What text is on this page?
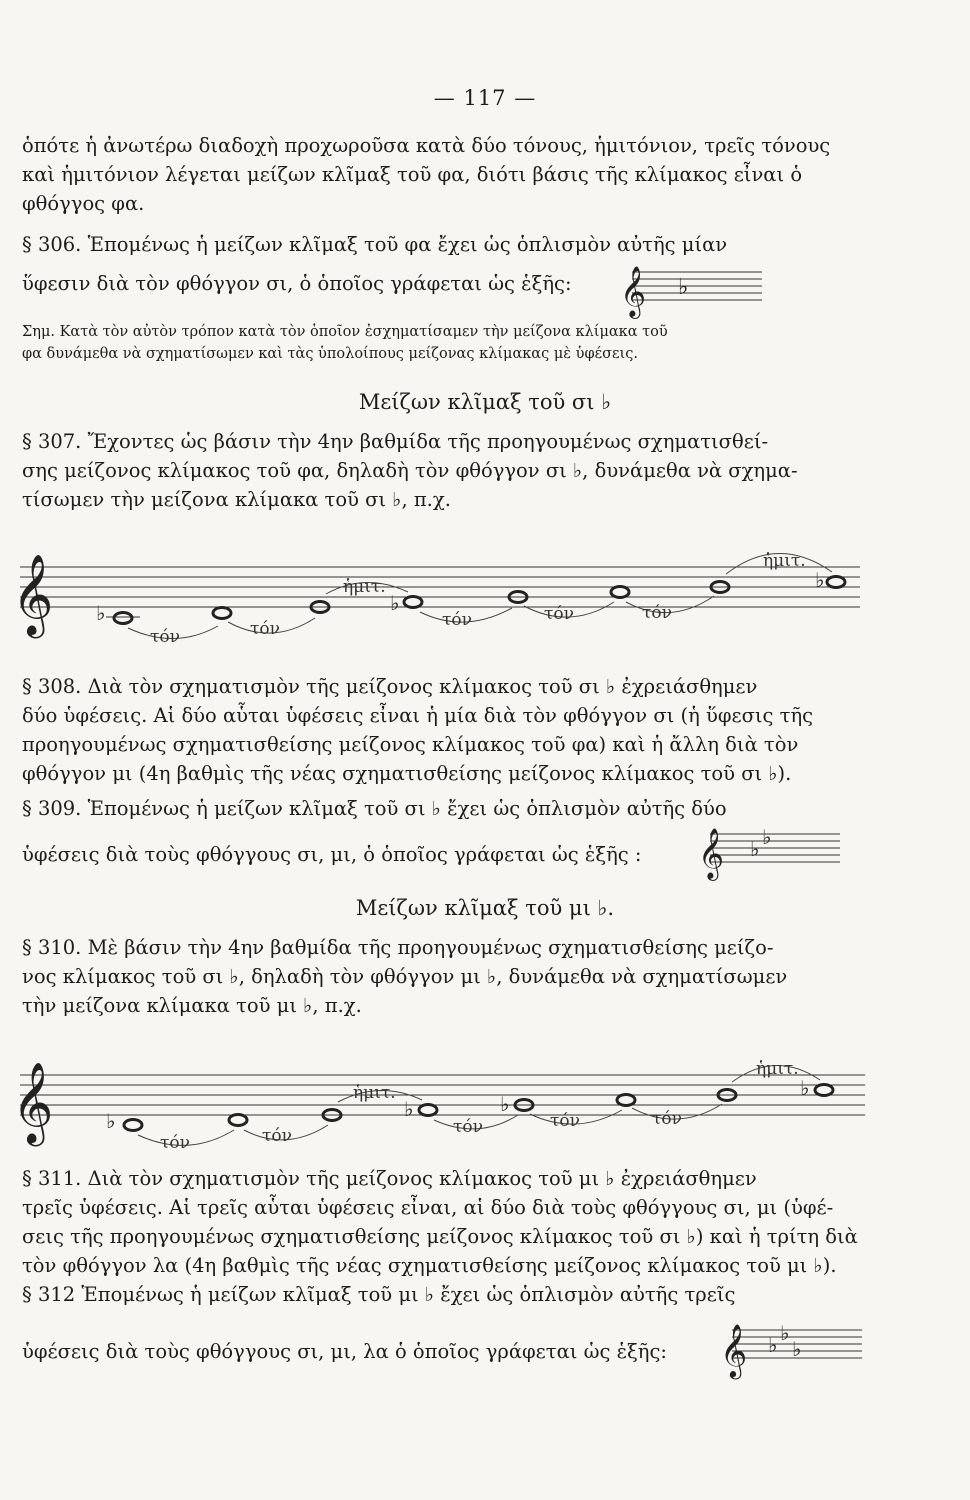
— 117 —
ὁπότε ἡ ἀνωτέρω διαδοχὴ προχωροῦσα κατὰ δύο τόνους, ἡμιτόνιον, τρεῖς τόνους
καὶ ἡμιτόνιον λέγεται μείζων κλῖμαξ τοῦ φα, διότι βάσις τῆς κλίμακος εἶναι ὁ
φθόγγος φα.
§ 306. Ἑπομένως ἡ μείζων κλῖμαξ τοῦ φα ἔχει ὡς ὁπλισμὸν αὐτῆς μίαν
ὕφεσιν διὰ τὸν φθόγγον σι, ὁ ὁποῖος γράφεται ὡς ἑξῆς: 𝄞 ♭
Σημ. Κατὰ τὸν αὐτὸν τρόπον κατὰ τὸν ὁποῖον ἐσχηματίσαμεν τὴν μείζονα κλίμακα τοῦ
φα δυνάμεθα νὰ σχηματίσωμεν καὶ τὰς ὑπολοίπους μείζονας κλίμακας μὲ ὑφέσεις.
Μείζων κλῖμαξ τοῦ σι ♭
§ 307. Ἔχοντες ὡς βάσιν τὴν 4ην βαθμίδα τῆς προηγουμένως σχηματισθεί-
σης μείζονος κλίμακος τοῦ φα, δηλαδὴ τὸν φθόγγον σι ♭, δυνάμεθα νὰ σχημα-
τίσωμεν τὴν μείζονα κλίμακα τοῦ σι ♭, π.χ.
𝄞 ♭	♭
♭
τόν	τόν
ἡμιτ.
τόν	τόν	τόν
ἡμιτ.
§ 308. Διὰ τὸν σχηματισμὸν τῆς μείζονος κλίμακος τοῦ σι ♭ ἐχρειάσθημεν
δύο ὑφέσεις. Αἱ δύο αὗται ὑφέσεις εἶναι ἡ μία διὰ τὸν φθόγγον σι (ἡ ὕφεσις τῆς
προηγουμένως σχηματισθείσης μείζονος κλίμακος τοῦ φα) καὶ ἡ ἄλλη διὰ τὸν
φθόγγον μι (4η βαθμὶς τῆς νέας σχηματισθείσης μείζονος κλίμακος τοῦ σι ♭).
§ 309. Ἑπομένως ἡ μείζων κλῖμαξ τοῦ σι ♭ ἔχει ὡς ὁπλισμὸν αὐτῆς δύο
ὑφέσεις διὰ τοὺς φθόγγους σι, μι, ὁ ὁποῖος γράφεται ὡς ἑξῆς : 𝄞 ♭ ♭
Μείζων κλῖμαξ τοῦ μι ♭.
§ 310. Μὲ βάσιν τὴν 4ην βαθμίδα τῆς προηγουμένως σχηματισθείσης μείζο-
νος κλίμακος τοῦ σι ♭, δηλαδὴ τὸν φθόγγον μι ♭, δυνάμεθα νὰ σχηματίσωμεν
τὴν μείζονα κλίμακα τοῦ μι ♭, π.χ.
𝄞	♭	♭	♭
♭
τόν	τόν
ἡμιτ.
τόν	τόν	τόν
ἡμιτ.
§ 311. Διὰ τὸν σχηματισμὸν τῆς μείζονος κλίμακος τοῦ μι ♭ ἐχρειάσθημεν
τρεῖς ὑφέσεις. Αἱ τρεῖς αὗται ὑφέσεις εἶναι, αἱ δύο διὰ τοὺς φθόγγους σι, μι (ὑφέ-
σεις τῆς προηγουμένως σχηματισθείσης μείζονος κλίμακος τοῦ σι ♭) καὶ ἡ τρίτη διὰ
τὸν φθόγγον λα (4η βαθμὶς τῆς νέας σχηματισθείσης μείζονος κλίμακος τοῦ μι ♭).
§ 312 Ἑπομένως ἡ μείζων κλῖμαξ τοῦ μι ♭ ἔχει ὡς ὁπλισμὸν αὐτῆς τρεῖς
ὑφέσεις διὰ τοὺς φθόγγους σι, μι, λα ὁ ὁποῖος γράφεται ὡς ἑξῆς: 𝄞 ♭ ♭
♭
